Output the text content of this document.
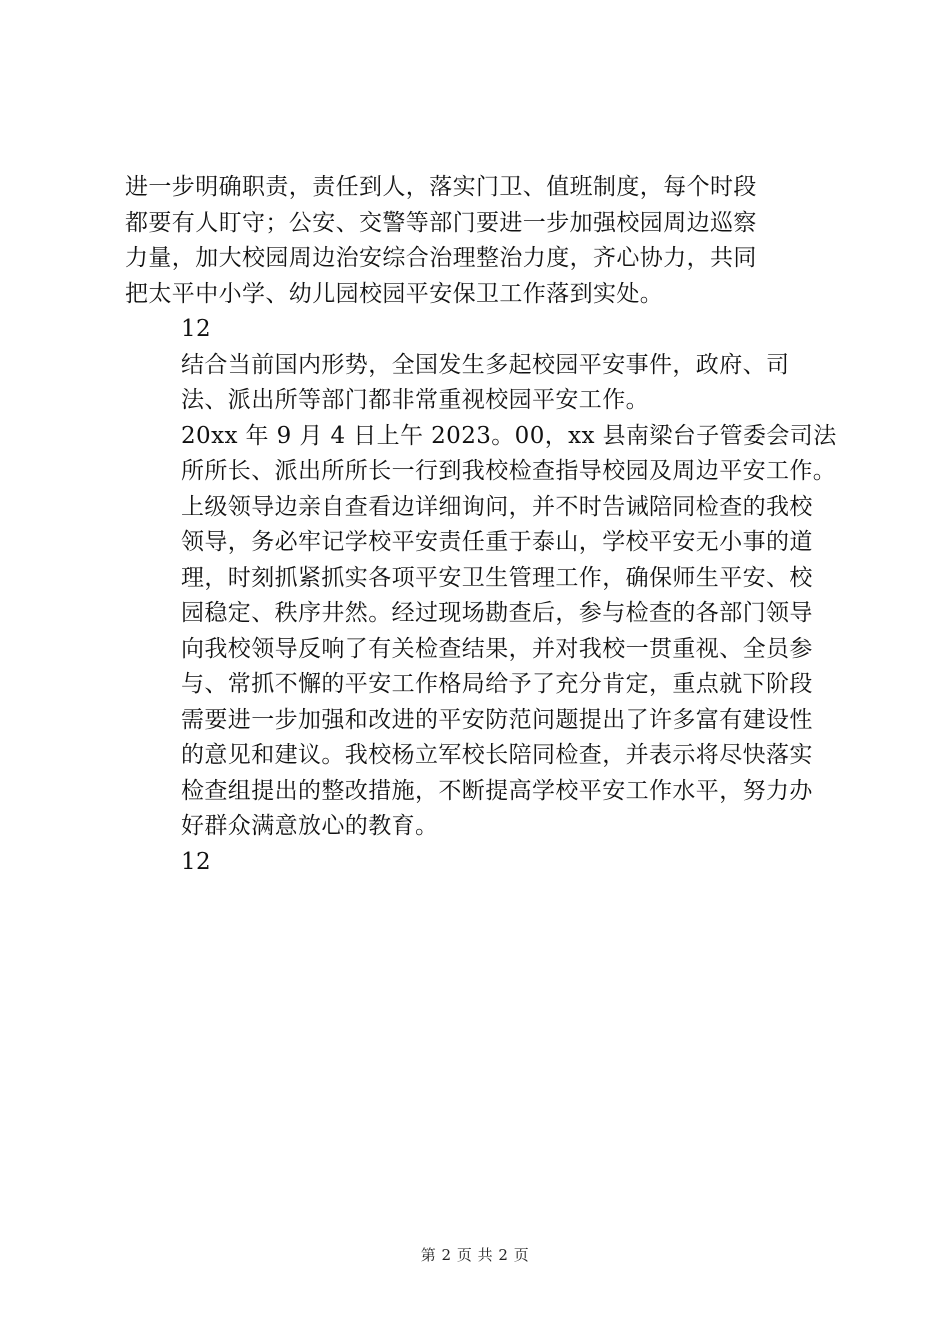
进一步明确职责，责任到人，落实门卫、值班制度，每个时段
都要有人盯守；公安、交警等部门要进一步加强校园周边巡察
力量，加大校园周边治安综合治理整治力度，齐心协力，共同
把太平中小学、幼儿园校园平安保卫工作落到实处。

12

结合当前国内形势，全国发生多起校园平安事件，政府、司
法、派出所等部门都非常重视校园平安工作。

20xx 年 9 月 4 日上午 2023。00，xx 县南梁台子管委会司法
所所长、派出所所长一行到我校检查指导校园及周边平安工作。
上级领导边亲自查看边详细询问，并不时告诫陪同检查的我校
领导，务必牢记学校平安责任重于泰山，学校平安无小事的道
理，时刻抓紧抓实各项平安卫生管理工作，确保师生平安、校
园稳定、秩序井然。经过现场勘查后，参与检查的各部门领导
向我校领导反响了有关检查结果，并对我校一贯重视、全员参
与、常抓不懈的平安工作格局给予了充分肯定，重点就下阶段
需要进一步加强和改进的平安防范问题提出了许多富有建设性
的意见和建议。我校杨立军校长陪同检查，并表示将尽快落实
检查组提出的整改措施，不断提高学校平安工作水平，努力办
好群众满意放心的教育。

12

第 2 页 共 2 页
